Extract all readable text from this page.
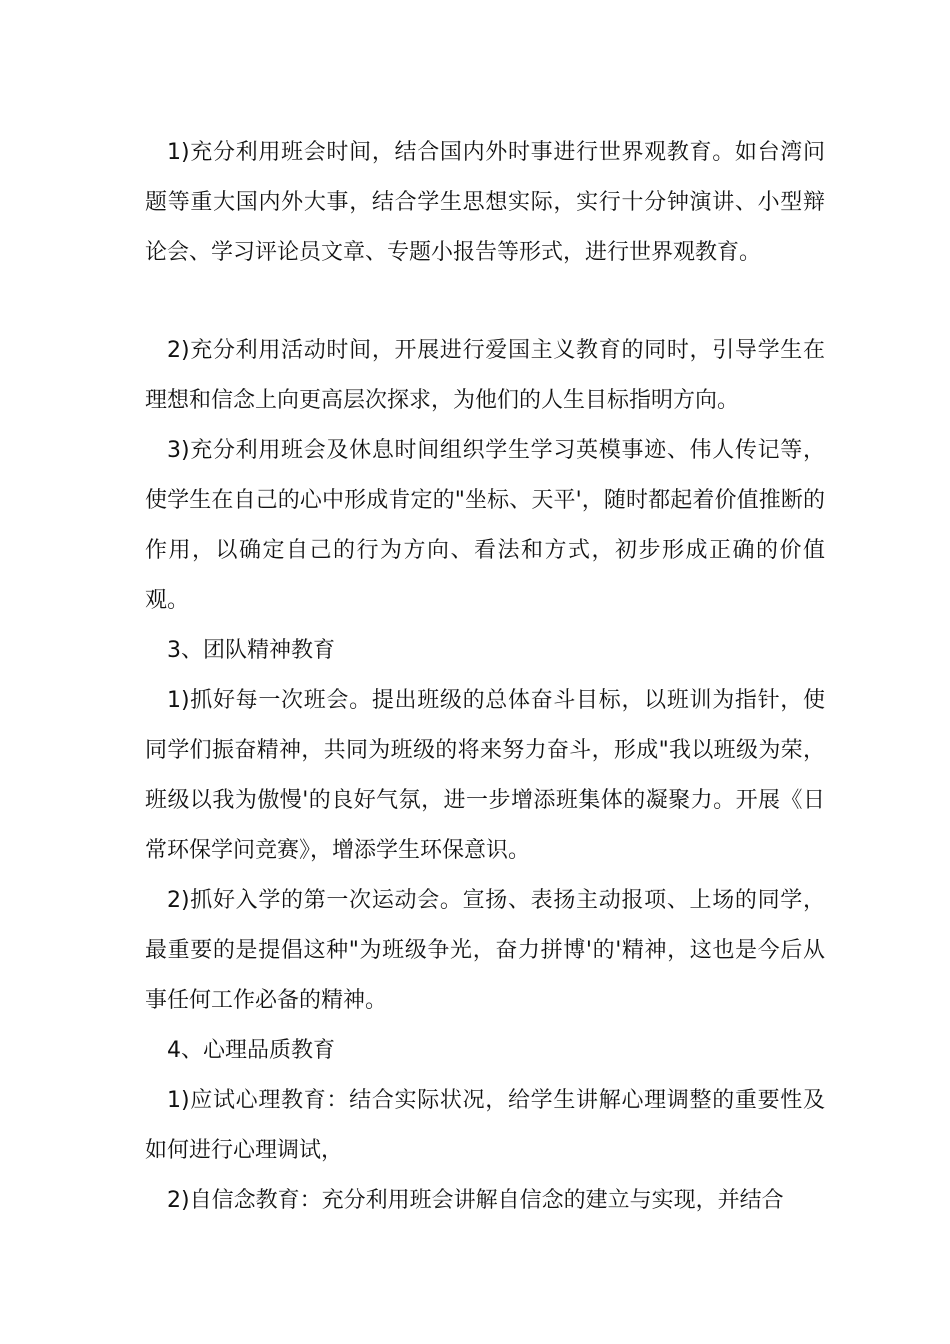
1)充分利用班会时间，结合国内外时事进行世界观教育。如台湾问题等重大国内外大事，结合学生思想实际，实行十分钟演讲、小型辩论会、学习评论员文章、专题小报告等形式，进行世界观教育。

2)充分利用活动时间，开展进行爱国主义教育的同时，引导学生在理想和信念上向更高层次探求，为他们的人生目标指明方向。

3)充分利用班会及休息时间组织学生学习英模事迹、伟人传记等，使学生在自己的心中形成肯定的"坐标、天平'，随时都起着价值推断的作用，以确定自己的行为方向、看法和方式，初步形成正确的价值观。

3、团队精神教育

1)抓好每一次班会。提出班级的总体奋斗目标，以班训为指针，使同学们振奋精神，共同为班级的将来努力奋斗，形成"我以班级为荣，班级以我为傲慢'的良好气氛，进一步增添班集体的凝聚力。开展《日常环保学问竞赛》，增添学生环保意识。

2)抓好入学的第一次运动会。宣扬、表扬主动报项、上场的同学，最重要的是提倡这种"为班级争光，奋力拼博'的'精神，这也是今后从事任何工作必备的精神。

4、心理品质教育

1)应试心理教育：结合实际状况，给学生讲解心理调整的重要性及如何进行心理调试，

2)自信念教育：充分利用班会讲解自信念的建立与实现，并结合
